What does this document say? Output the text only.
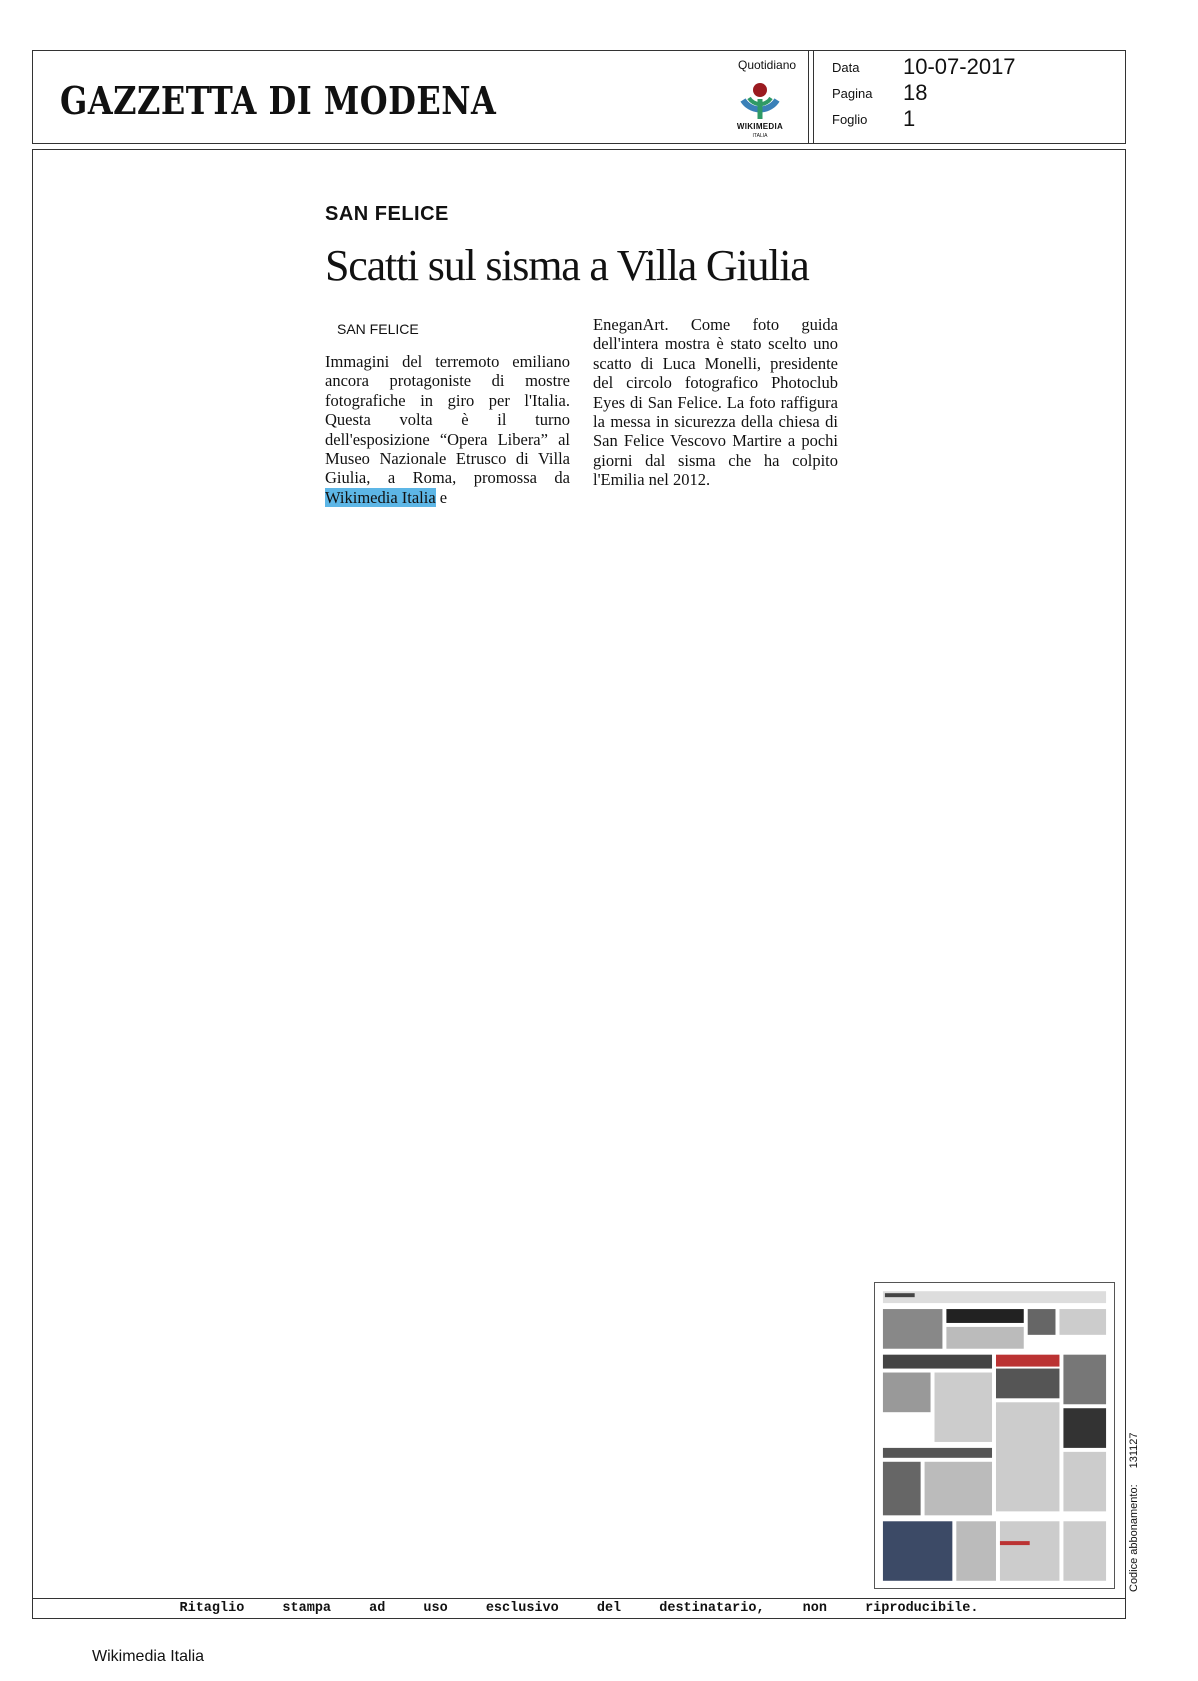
GAZZETTA DI MODENA
Quotidiano
WIKIMEDIA
ITALIA
Data 10-07-2017
Pagina 18
Foglio 1
SAN FELICE
Scatti sul sisma a Villa Giulia
SAN FELICE
Immagini del terremoto emiliano ancora protagoniste di mostre fotografiche in giro per l'Italia. Questa volta è il turno dell'esposizione “Opera Libera” al Museo Nazionale Etrusco di Villa Giulia, a Roma, promossa da Wikimedia Italia e
EneganArt. Come foto guida dell'intera mostra è stato scelto uno scatto di Luca Monelli, presidente del circolo fotografico Photoclub Eyes di San Felice. La foto raffigura la messa in sicurezza della chiesa di San Felice Vescovo Martire a pochi giorni dal sisma che ha colpito l'Emilia nel 2012.
Ritaglio stampa ad uso esclusivo del destinatario, non riproducibile.
Codice abbonamento:131127
Wikimedia Italia
